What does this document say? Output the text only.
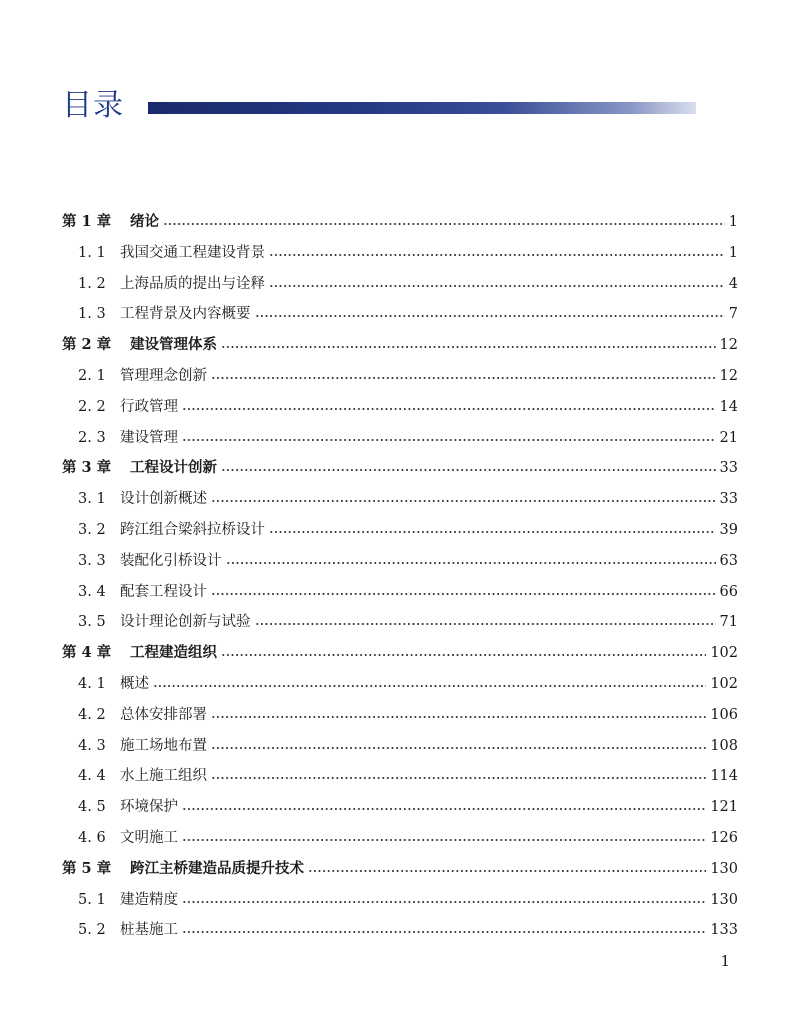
目录
第 1 章	绪论	1
1. 1 我国交通工程建设背景	1
1. 2 上海品质的提出与诠释	4
1. 3 工程背景及内容概要	7
第 2 章	建设管理体系	12
2. 1 管理理念创新	12
2. 2 行政管理	14
2. 3 建设管理	21
第 3 章	工程设计创新	33
3. 1 设计创新概述	33
3. 2 跨江组合梁斜拉桥设计	39
3. 3 装配化引桥设计	63
3. 4 配套工程设计	66
3. 5 设计理论创新与试验	71
第 4 章	工程建造组织	102
4. 1 概述	102
4. 2 总体安排部署	106
4. 3 施工场地布置	108
4. 4 水上施工组织	114
4. 5 环境保护	121
4. 6 文明施工	126
第 5 章	跨江主桥建造品质提升技术	130
5. 1 建造精度	130
5. 2 桩基施工	133
1
